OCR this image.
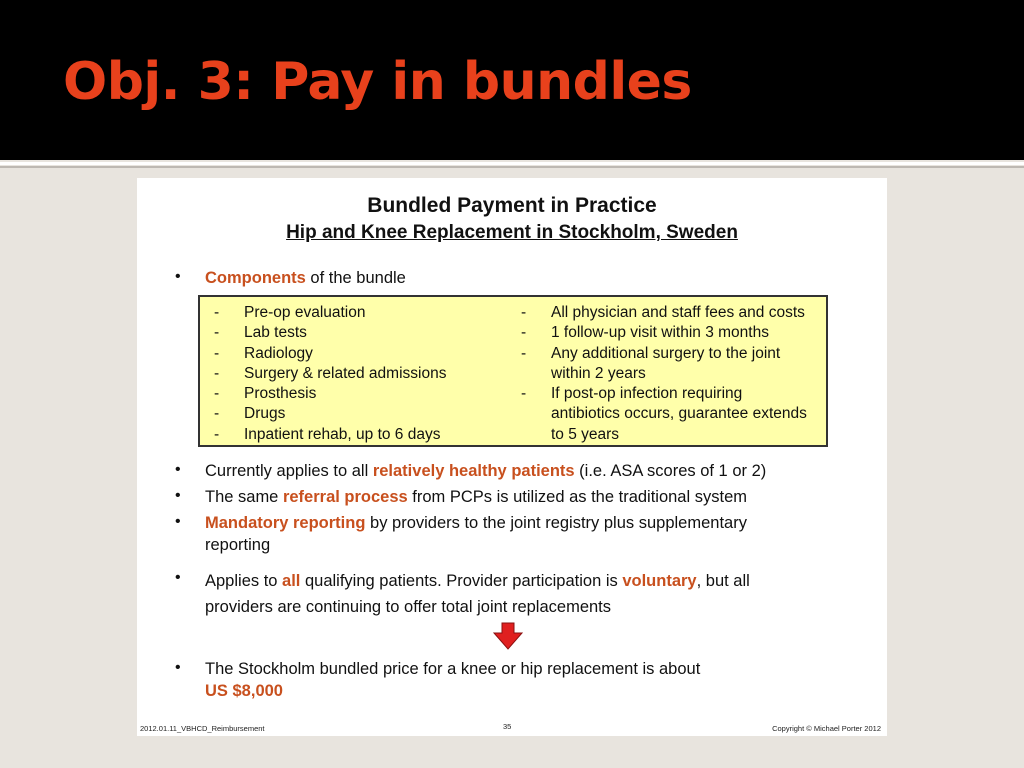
Obj. 3: Pay in bundles
Bundled Payment in Practice
Hip and Knee Replacement in Stockholm, Sweden
• Components of the bundle
- Pre-op evaluation
- Lab tests
- Radiology
- Surgery & related admissions
- Prosthesis
- Drugs
- Inpatient rehab, up to 6 days
- All physician and staff fees and costs
- 1 follow-up visit within 3 months
- Any additional surgery to the joint
within 2 years
- If post-op infection requiring
antibiotics occurs, guarantee extends
to 5 years
• Currently applies to all relatively healthy patients (i.e. ASA scores of 1 or 2)
• The same referral process from PCPs is utilized as the traditional system
• Mandatory reporting by providers to the joint registry plus supplementary
reporting
• Applies to all qualifying patients. Provider participation is voluntary, but all
providers are continuing to offer total joint replacements
• The Stockholm bundled price for a knee or hip replacement is about
US $8,000
2012.01.11_VBHCD_Reimbursement	35	Copyright © Michael Porter 2012
